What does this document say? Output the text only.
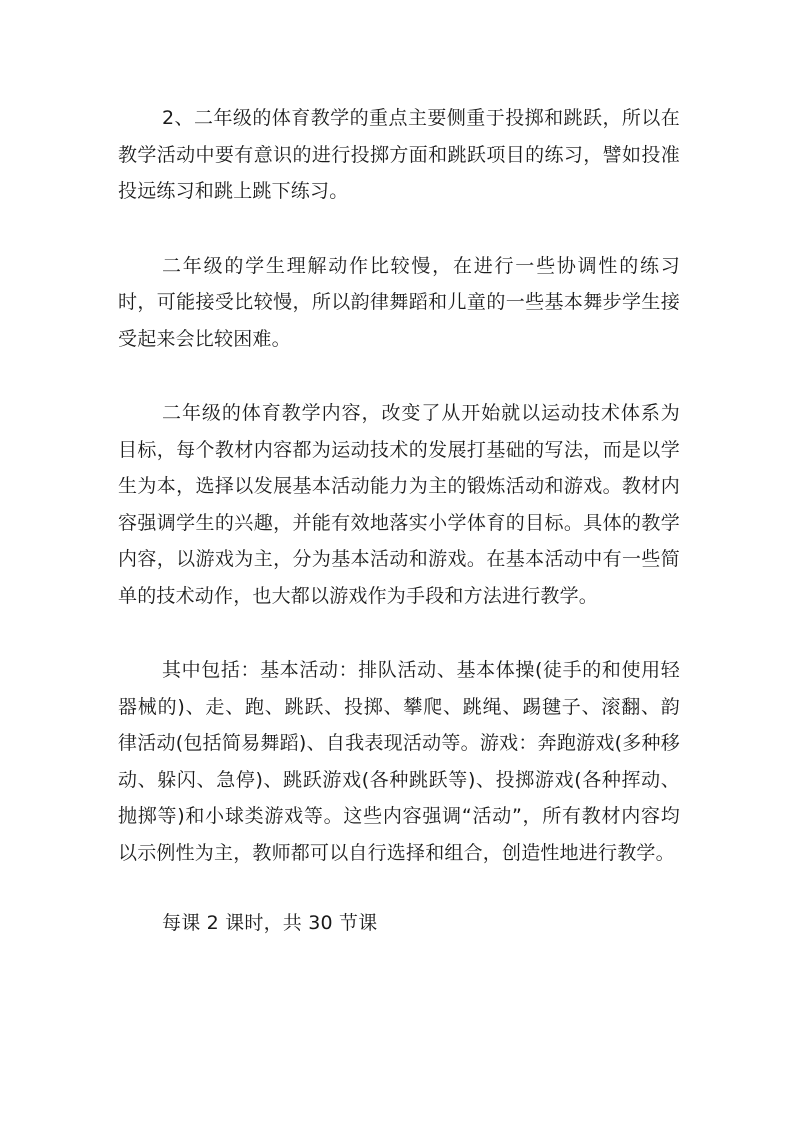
2、二年级的体育教学的重点主要侧重于投掷和跳跃，所以在教学活动中要有意识的进行投掷方面和跳跃项目的练习，譬如投准投远练习和跳上跳下练习。

二年级的学生理解动作比较慢，在进行一些协调性的练习时，可能接受比较慢，所以韵律舞蹈和儿童的一些基本舞步学生接受起来会比较困难。

二年级的体育教学内容，改变了从开始就以运动技术体系为目标，每个教材内容都为运动技术的发展打基础的写法，而是以学生为本，选择以发展基本活动能力为主的锻炼活动和游戏。教材内容强调学生的兴趣，并能有效地落实小学体育的目标。具体的教学内容，以游戏为主，分为基本活动和游戏。在基本活动中有一些简单的技术动作，也大都以游戏作为手段和方法进行教学。

其中包括：基本活动：排队活动、基本体操(徒手的和使用轻器械的)、走、跑、跳跃、投掷、攀爬、跳绳、踢毽子、滚翻、韵律活动(包括简易舞蹈)、自我表现活动等。游戏：奔跑游戏(多种移动、躲闪、急停)、跳跃游戏(各种跳跃等)、投掷游戏(各种挥动、抛掷等)和小球类游戏等。这些内容强调“活动”，所有教材内容均以示例性为主，教师都可以自行选择和组合，创造性地进行教学。

每课 2 课时，共 30 节课
